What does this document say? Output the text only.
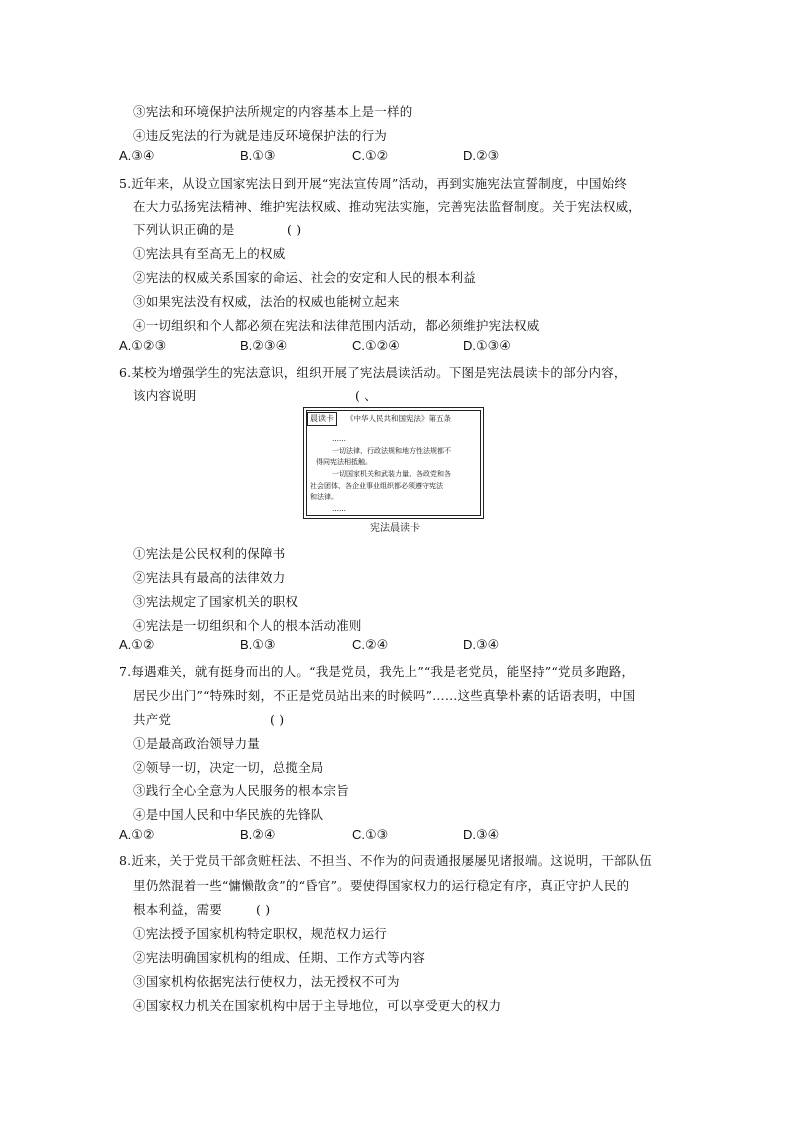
③宪法和环境保护法所规定的内容基本上是一样的
④违反宪法的行为就是违反环境保护法的行为
A.③④	B.①③	C.①②	D.②③
5.近年来，从设立国家宪法日到开展“宪法宣传周”活动，再到实施宪法宣誓制度，中国始终
在大力弘扬宪法精神、维护宪法权威、推动宪法实施，完善宪法监督制度。关于宪法权威，
下列认识正确的是	( )
①宪法具有至高无上的权威
②宪法的权威关系国家的命运、社会的安定和人民的根本利益
③如果宪法没有权威，法治的权威也能树立起来
④一切组织和个人都必须在宪法和法律范围内活动，都必须维护宪法权威
A.①②③	B.②③④	C.①②④	D.①③④
6.某校为增强学生的宪法意识，组织开展了宪法晨读活动。下图是宪法晨读卡的部分内容，
该内容说明	( 、
晨读卡	《中华人民共和国宪法》第五条
……
一切法律、行政法规和地方性法规都不
得同宪法相抵触。
一切国家机关和武装力量、各政党和各
社会团体、各企业事业组织都必须遵守宪法
和法律。
……
宪法晨读卡
①宪法是公民权利的保障书
②宪法具有最高的法律效力
③宪法规定了国家机关的职权
④宪法是一切组织和个人的根本活动准则
A.①②	B.①③	C.②④	D.③④
7.每遇难关，就有挺身而出的人。“我是党员，我先上”“我是老党员，能坚持”“党员多跑路，
居民少出门”“特殊时刻，不正是党员站出来的时候吗”……这些真挚朴素的话语表明，中国
共产党	( )
①是最高政治领导力量
②领导一切，决定一切，总揽全局
③践行全心全意为人民服务的根本宗旨
④是中国人民和中华民族的先锋队
A.①②	B.②④	C.①③	D.③④
8.近来，关于党员干部贪赃枉法、不担当、不作为的问责通报屡屡见诸报端。这说明，干部队伍
里仍然混着一些“慵懒散贪”的“昏官”。要使得国家权力的运行稳定有序，真正守护人民的
根本利益，需要	( )
①宪法授予国家机构特定职权，规范权力运行
②宪法明确国家机构的组成、任期、工作方式等内容
③国家机构依据宪法行使权力，法无授权不可为
④国家权力机关在国家机构中居于主导地位，可以享受更大的权力
